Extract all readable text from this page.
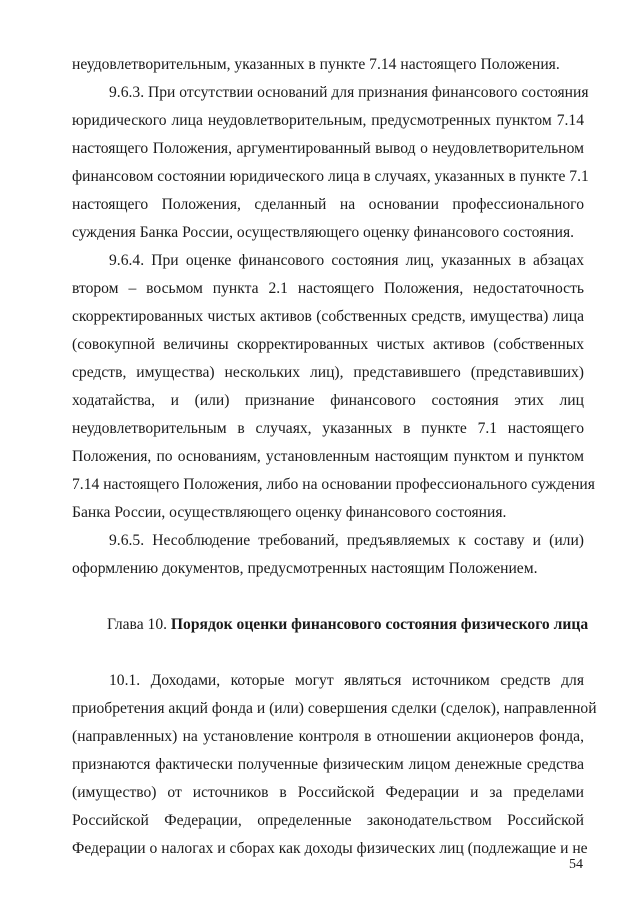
неудовлетворительным, указанных в пункте 7.14 настоящего Положения.
9.6.3. При отсутствии оснований для признания финансового состояния
юридического лица неудовлетворительным, предусмотренных пунктом 7.14
настоящего Положения, аргументированный вывод о неудовлетворительном
финансовом состоянии юридического лица в случаях, указанных в пункте 7.1
настоящего Положения, сделанный на основании профессионального
суждения Банка России, осуществляющего оценку финансового состояния.
9.6.4. При оценке финансового состояния лиц, указанных в абзацах
втором – восьмом пункта 2.1 настоящего Положения, недостаточность
скорректированных чистых активов (собственных средств, имущества) лица
(совокупной величины скорректированных чистых активов (собственных
средств, имущества) нескольких лиц), представившего (представивших)
ходатайства, и (или) признание финансового состояния этих лиц
неудовлетворительным в случаях, указанных в пункте 7.1 настоящего
Положения, по основаниям, установленным настоящим пунктом и пунктом
7.14 настоящего Положения, либо на основании профессионального суждения
Банка России, осуществляющего оценку финансового состояния.
9.6.5. Несоблюдение требований, предъявляемых к составу и (или)
оформлению документов, предусмотренных настоящим Положением.
Глава 10. Порядок оценки финансового состояния физического лица
10.1. Доходами, которые могут являться источником средств для
приобретения акций фонда и (или) совершения сделки (сделок), направленной
(направленных) на установление контроля в отношении акционеров фонда,
признаются фактически полученные физическим лицом денежные средства
(имущество) от источников в Российской Федерации и за пределами
Российской Федерации, определенные законодательством Российской
Федерации о налогах и сборах как доходы физических лиц (подлежащие и не
54
